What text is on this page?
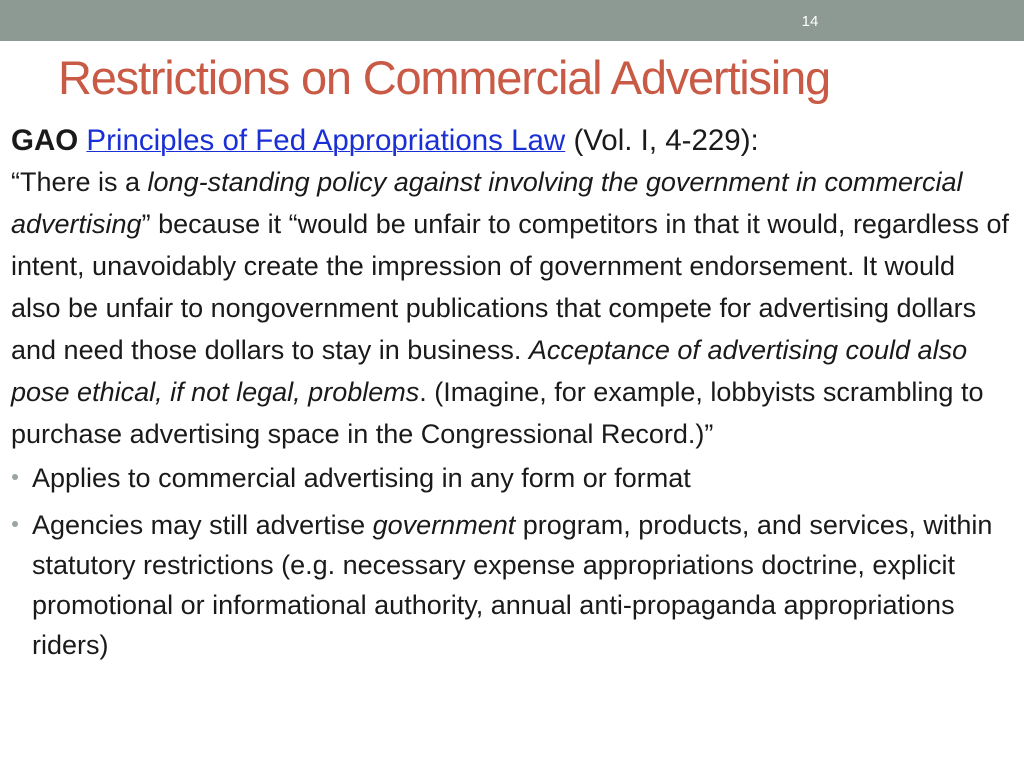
14
Restrictions on Commercial Advertising

GAO Principles of Fed Appropriations Law (Vol. I, 4-229):
“There is a long-standing policy against involving the government in commercial advertising” because it “would be unfair to competitors in that it would, regardless of intent, unavoidably create the impression of government endorsement. It would also be unfair to nongovernment publications that compete for advertising dollars and need those dollars to stay in business. Acceptance of advertising could also pose ethical, if not legal, problems. (Imagine, for example, lobbyists scrambling to purchase advertising space in the Congressional Record.)”

Applies to commercial advertising in any form or format
Agencies may still advertise government program, products, and services, within statutory restrictions (e.g. necessary expense appropriations doctrine, explicit promotional or informational authority, annual anti-propaganda appropriations riders)
